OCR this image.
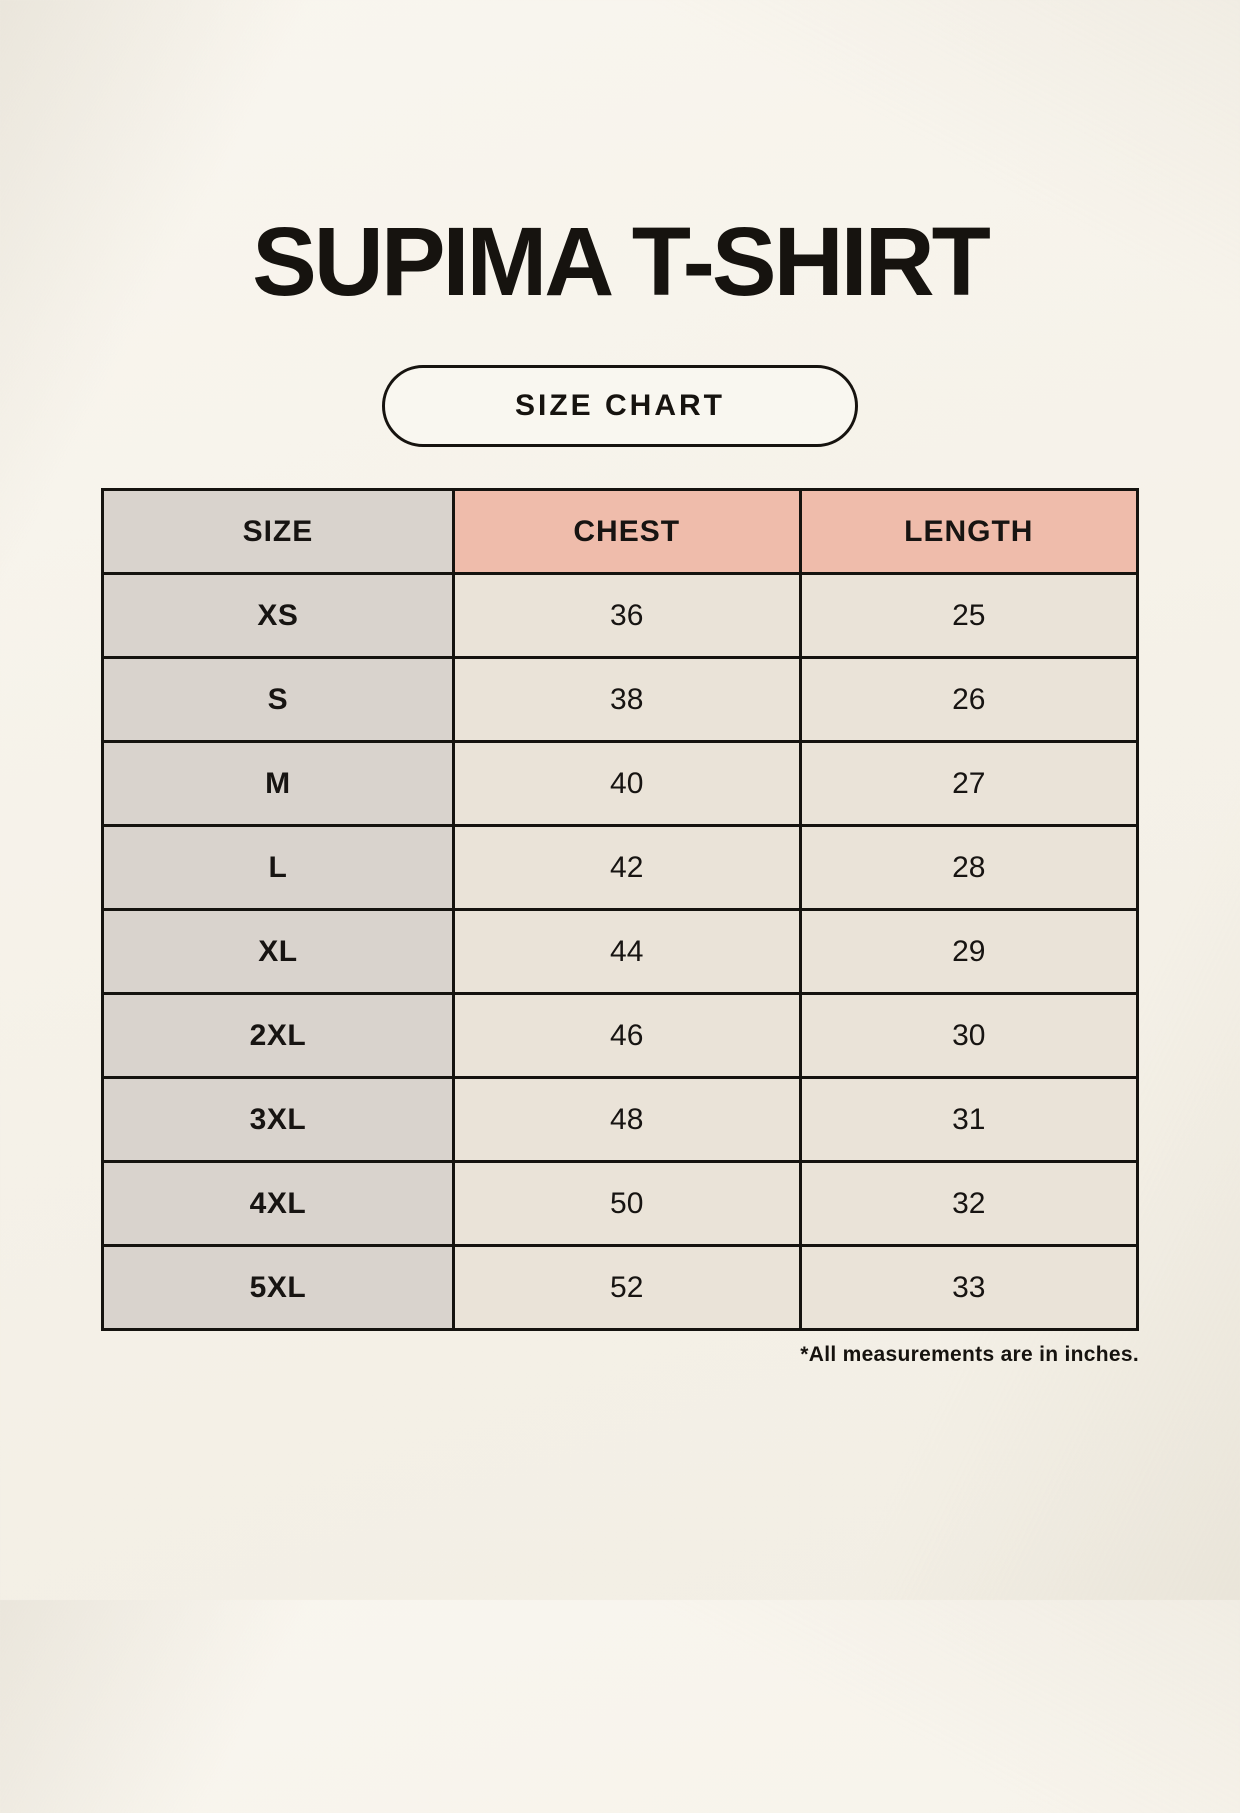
SUPIMA T-SHIRT
SIZE CHART
SIZE	CHEST	LENGTH
XS	36	25
S	38	26
M	40	27
L	42	28
XL	44	29
2XL	46	30
3XL	48	31
4XL	50	32
5XL	52	33

*All measurements are in inches.
